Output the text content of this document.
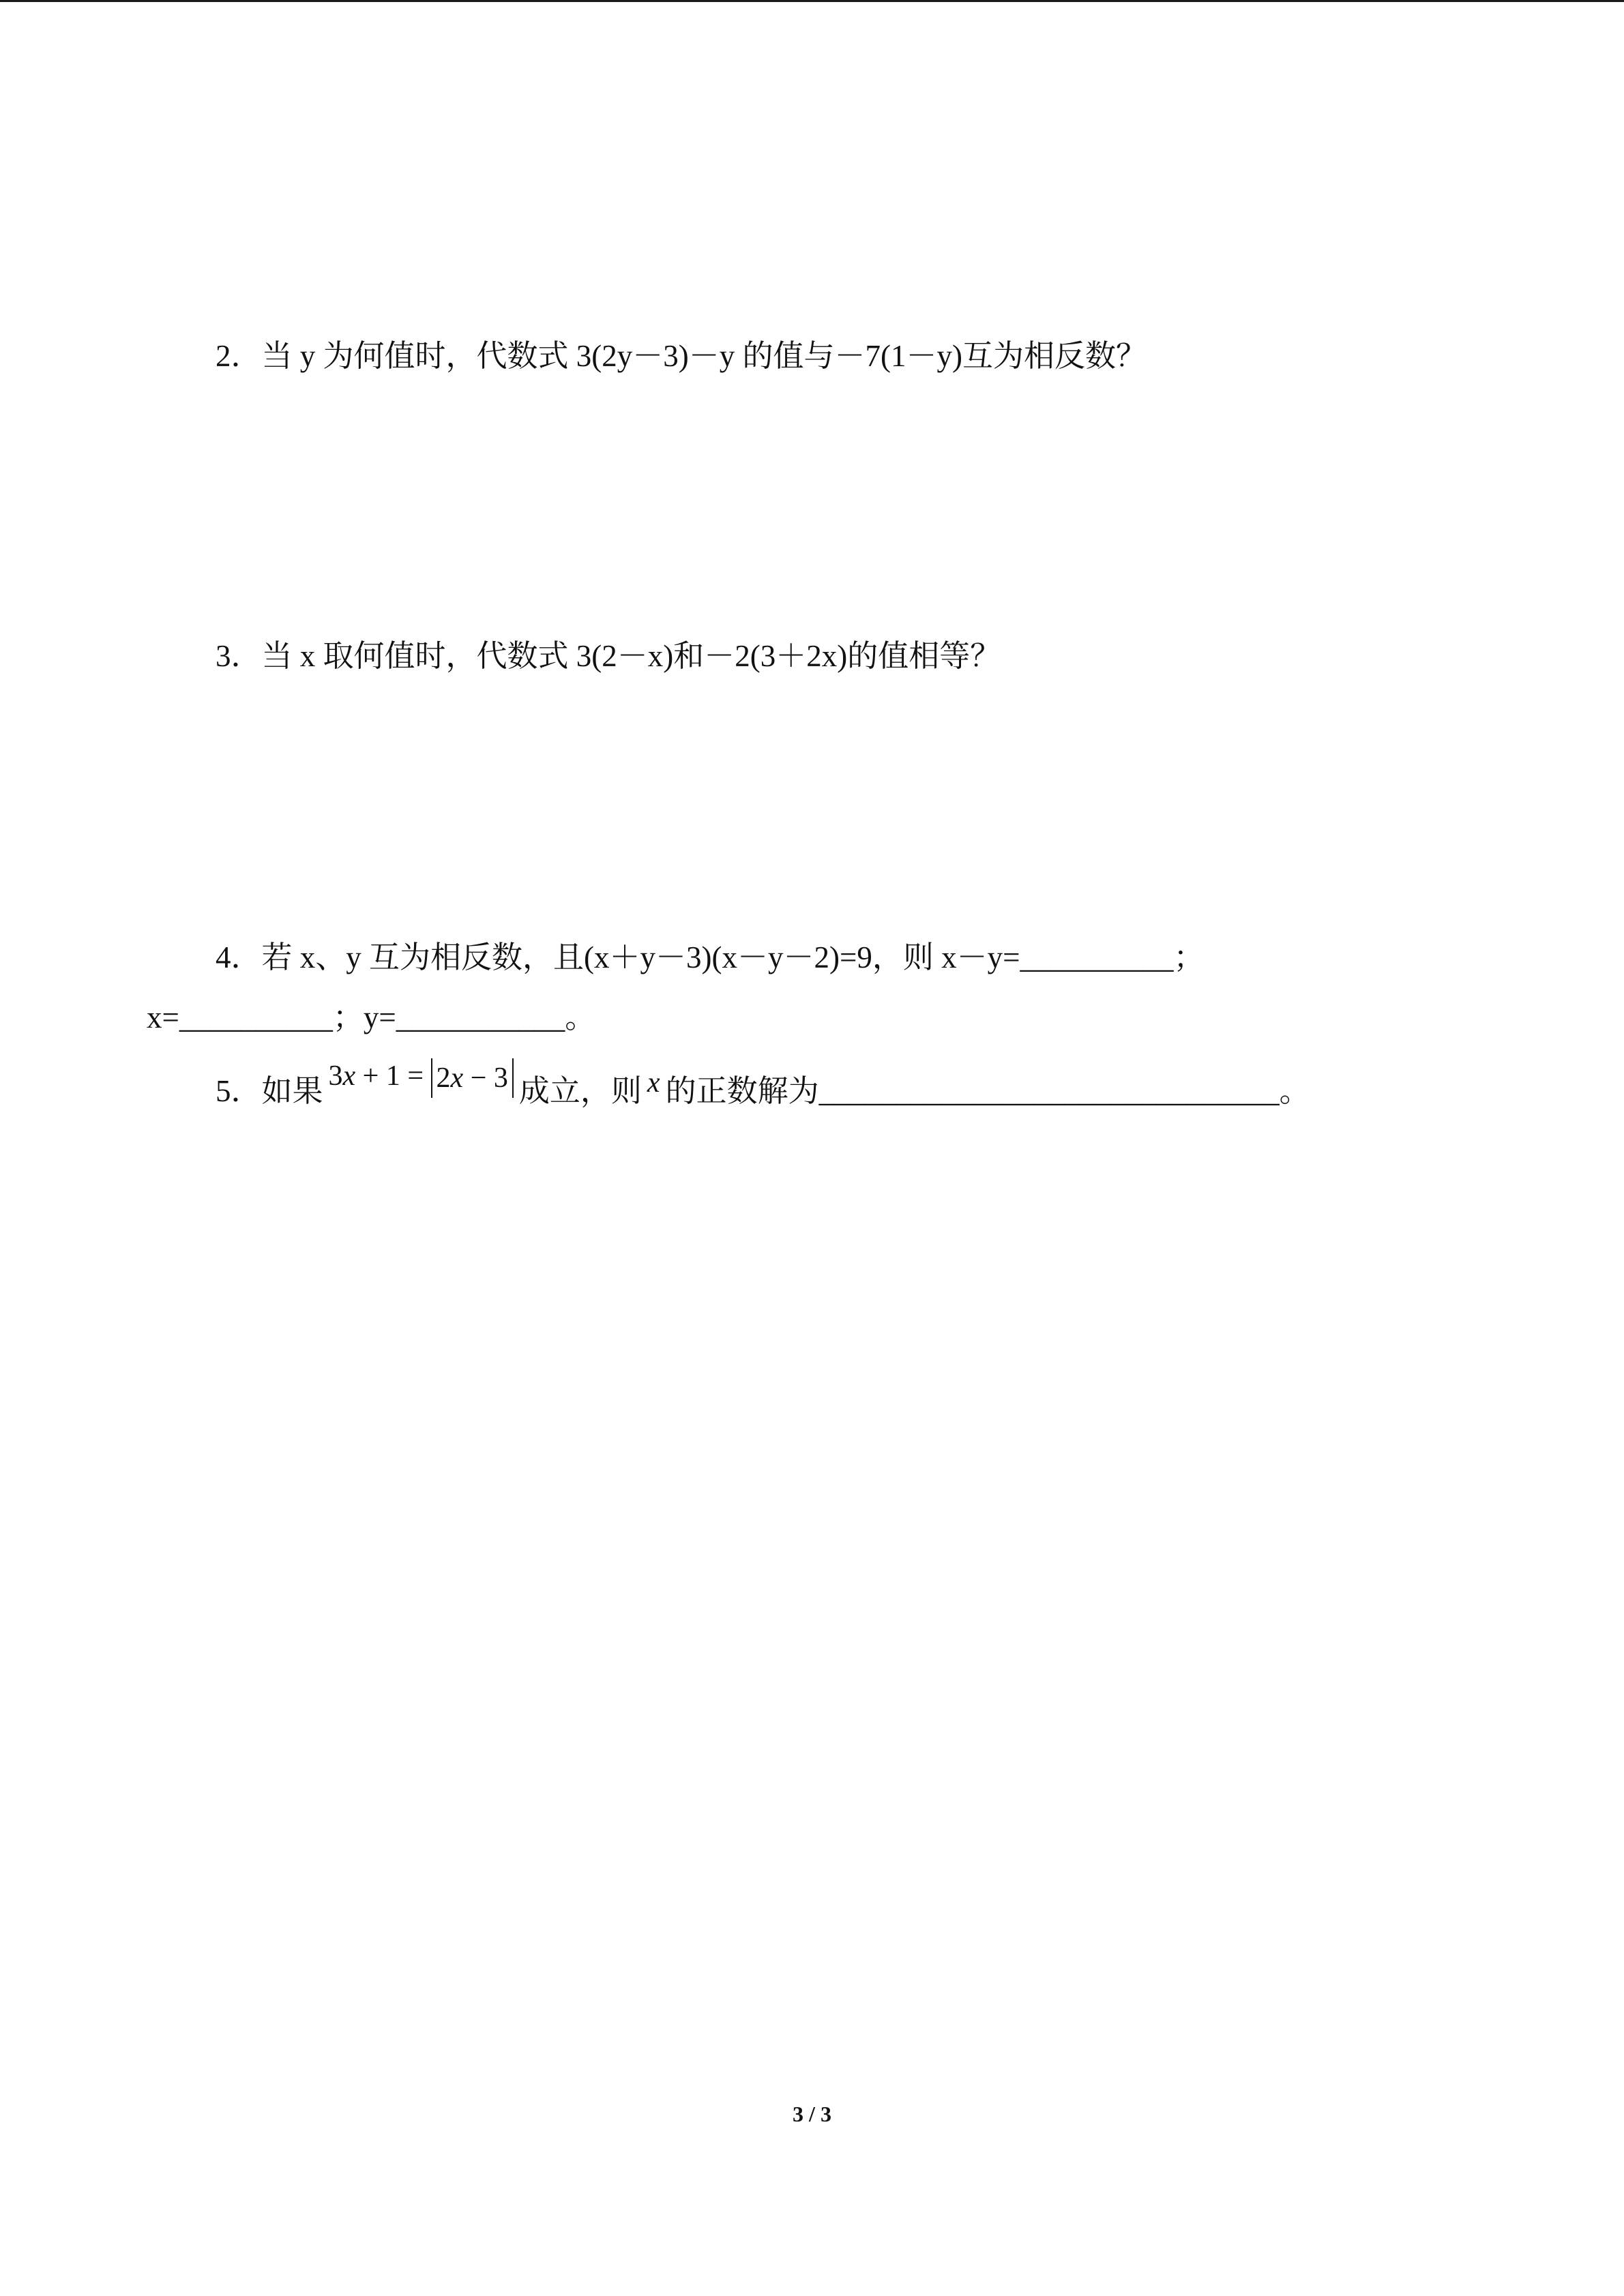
2．当 y 为何值时，代数式 3(2y－3)－y 的值与－7(1－y)互为相反数？
3．当 x 取何值时，代数式 3(2－x)和－2(3＋2x)的值相等？
4．若 x、y 互为相反数，且(x＋y－3)(x－y－2)=9，则 x－y=__________；
x=__________；y=___________。
5．如果 3x + 1 = 2x − 3 成立，则 x 的正数解为______________________________。
3 / 3
